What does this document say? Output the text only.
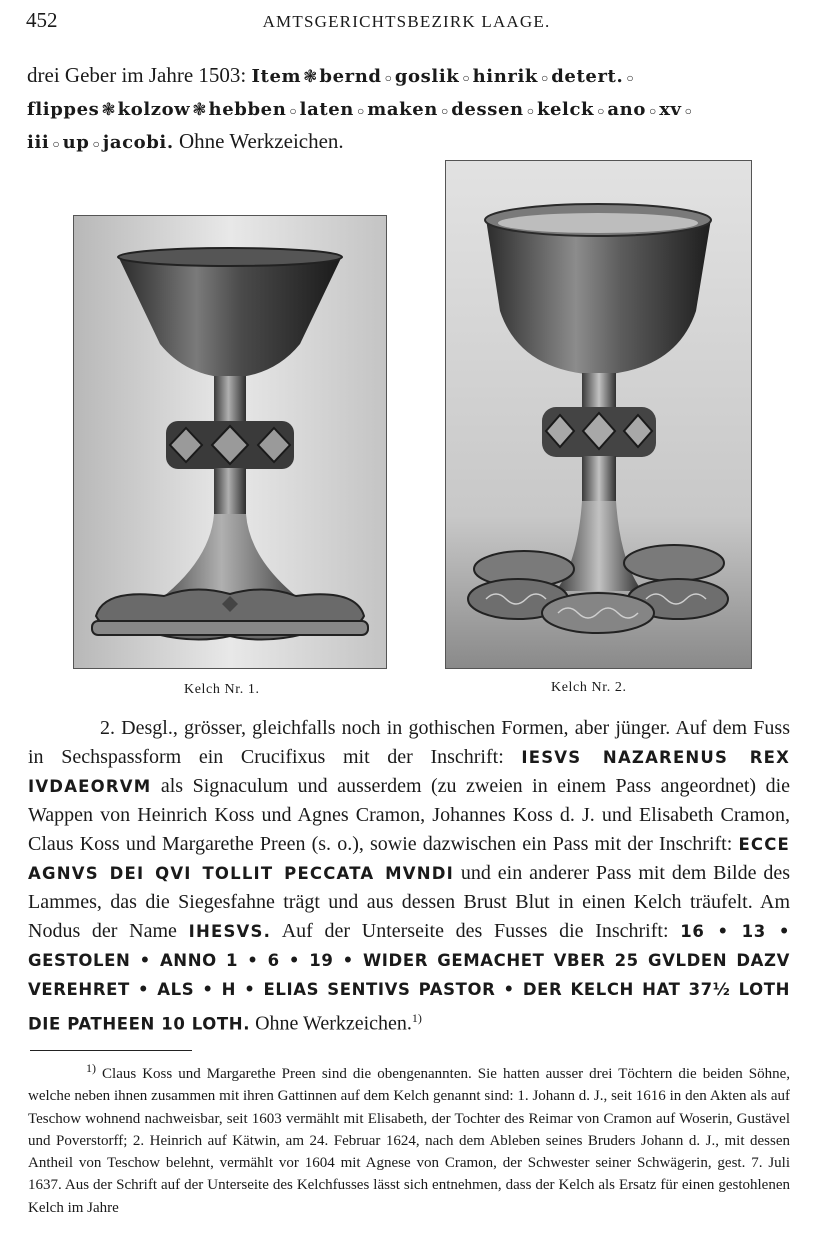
452	AMTSGERICHTSBEZIRK LAAGE.

drei Geber im Jahre 1503: Item ❃ bernd ○ goslik ○ hinrik ○ detert. ○ flippes ❃ kolzow ❃ hebben ○ laten ○ maken ○ dessen ○ kelck ○ ano ○ xv ○ iii ○ up ○ jacobi. Ohne Werkzeichen.

Kelch Nr. 1.	Kelch Nr. 2.

2. Desgl., grösser, gleichfalls noch in gothischen Formen, aber jünger. Auf dem Fuss in Sechspassform ein Crucifixus mit der Inschrift: IESVS NAZARENUS REX IVDAEORVM als Signaculum und ausserdem (zu zweien in einem Pass angeordnet) die Wappen von Heinrich Koss und Agnes Cramon, Johannes Koss d. J. und Elisabeth Cramon, Claus Koss und Margarethe Preen (s. o.), sowie dazwischen ein Pass mit der Inschrift: ECCE AGNVS DEI QVI TOLLIT PECCATA MVNDI und ein anderer Pass mit dem Bilde des Lammes, das die Siegesfahne trägt und aus dessen Brust Blut in einen Kelch träufelt. Am Nodus der Name IHESVS. Auf der Unterseite des Fusses die Inschrift: 16 • 13 • GESTOLEN • ANNO 1 • 6 • 19 • WIDER GEMACHET VBER 25 GVLDEN DAZV VEREHRET • ALS • H • ELIAS SENTIVS PASTOR • DER KELCH HAT 37½ LOTH DIE PATHEEN 10 LOTH. Ohne Werkzeichen.$^{1)}$

$^{1)}$ Claus Koss und Margarethe Preen sind die obengenannten. Sie hatten ausser drei Töchtern die beiden Söhne, welche neben ihnen zusammen mit ihren Gattinnen auf dem Kelch genannt sind: 1. Johann d. J., seit 1616 in den Akten als auf Teschow wohnend nachweisbar, seit 1603 vermählt mit Elisabeth, der Tochter des Reimar von Cramon auf Woserin, Gustävel und Poverstorff; 2. Heinrich auf Kätwin, am 24. Februar 1624, nach dem Ableben seines Bruders Johann d. J., mit dessen Antheil von Teschow belehnt, vermählt vor 1604 mit Agnese von Cramon, der Schwester seiner Schwägerin, gest. 7. Juli 1637. Aus der Schrift auf der Unterseite des Kelchfusses lässt sich entnehmen, dass der Kelch als Ersatz für einen gestohlenen Kelch im Jahre
